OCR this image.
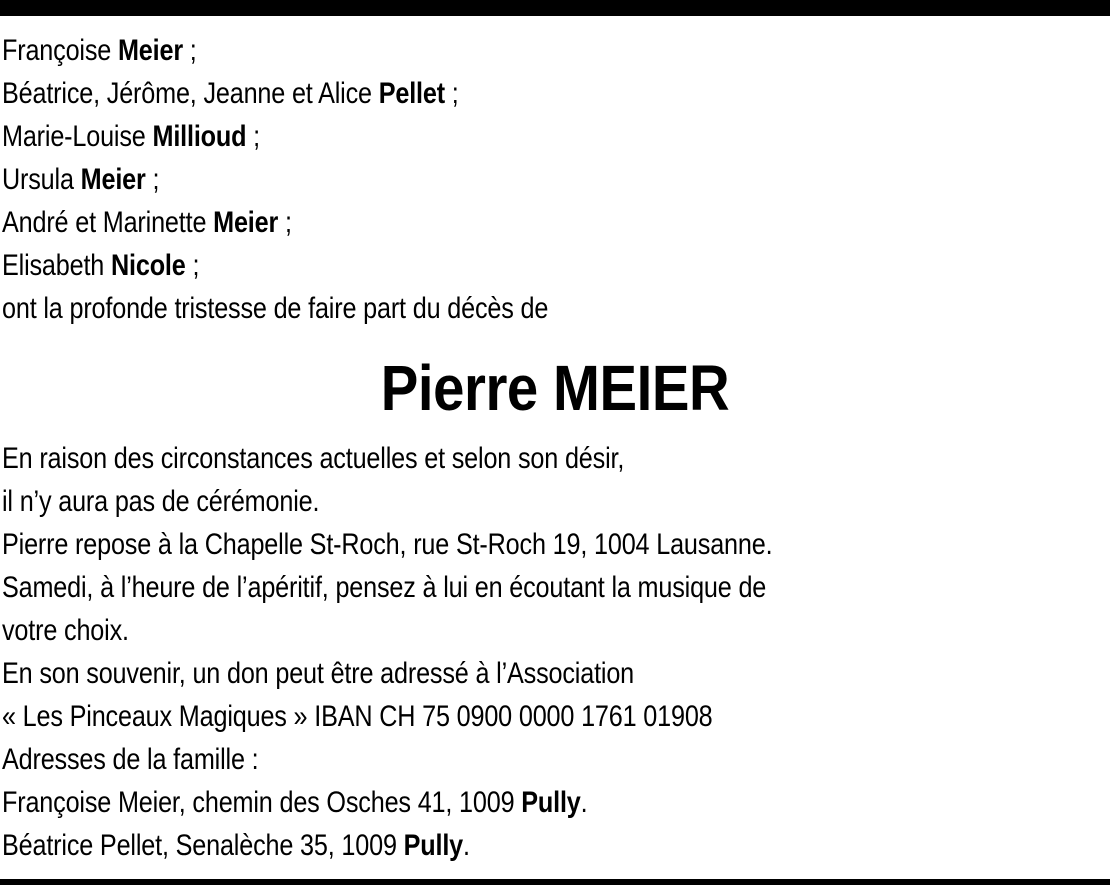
Françoise Meier ;
Béatrice, Jérôme, Jeanne et Alice Pellet ;
Marie-Louise Millioud ;
Ursula Meier ;
André et Marinette Meier ;
Elisabeth Nicole ;
ont la profonde tristesse de faire part du décès de
Pierre MEIER
En raison des circonstances actuelles et selon son désir,
il n’y aura pas de cérémonie.
Pierre repose à la Chapelle St-Roch, rue St-Roch 19, 1004 Lausanne.
Samedi, à l’heure de l’apéritif, pensez à lui en écoutant la musique de
votre choix.
En son souvenir, un don peut être adressé à l’Association
« Les Pinceaux Magiques » IBAN CH 75 0900 0000 1761 01908
Adresses de la famille :
Françoise Meier, chemin des Osches 41, 1009 Pully.
Béatrice Pellet, Senalèche 35, 1009 Pully.
